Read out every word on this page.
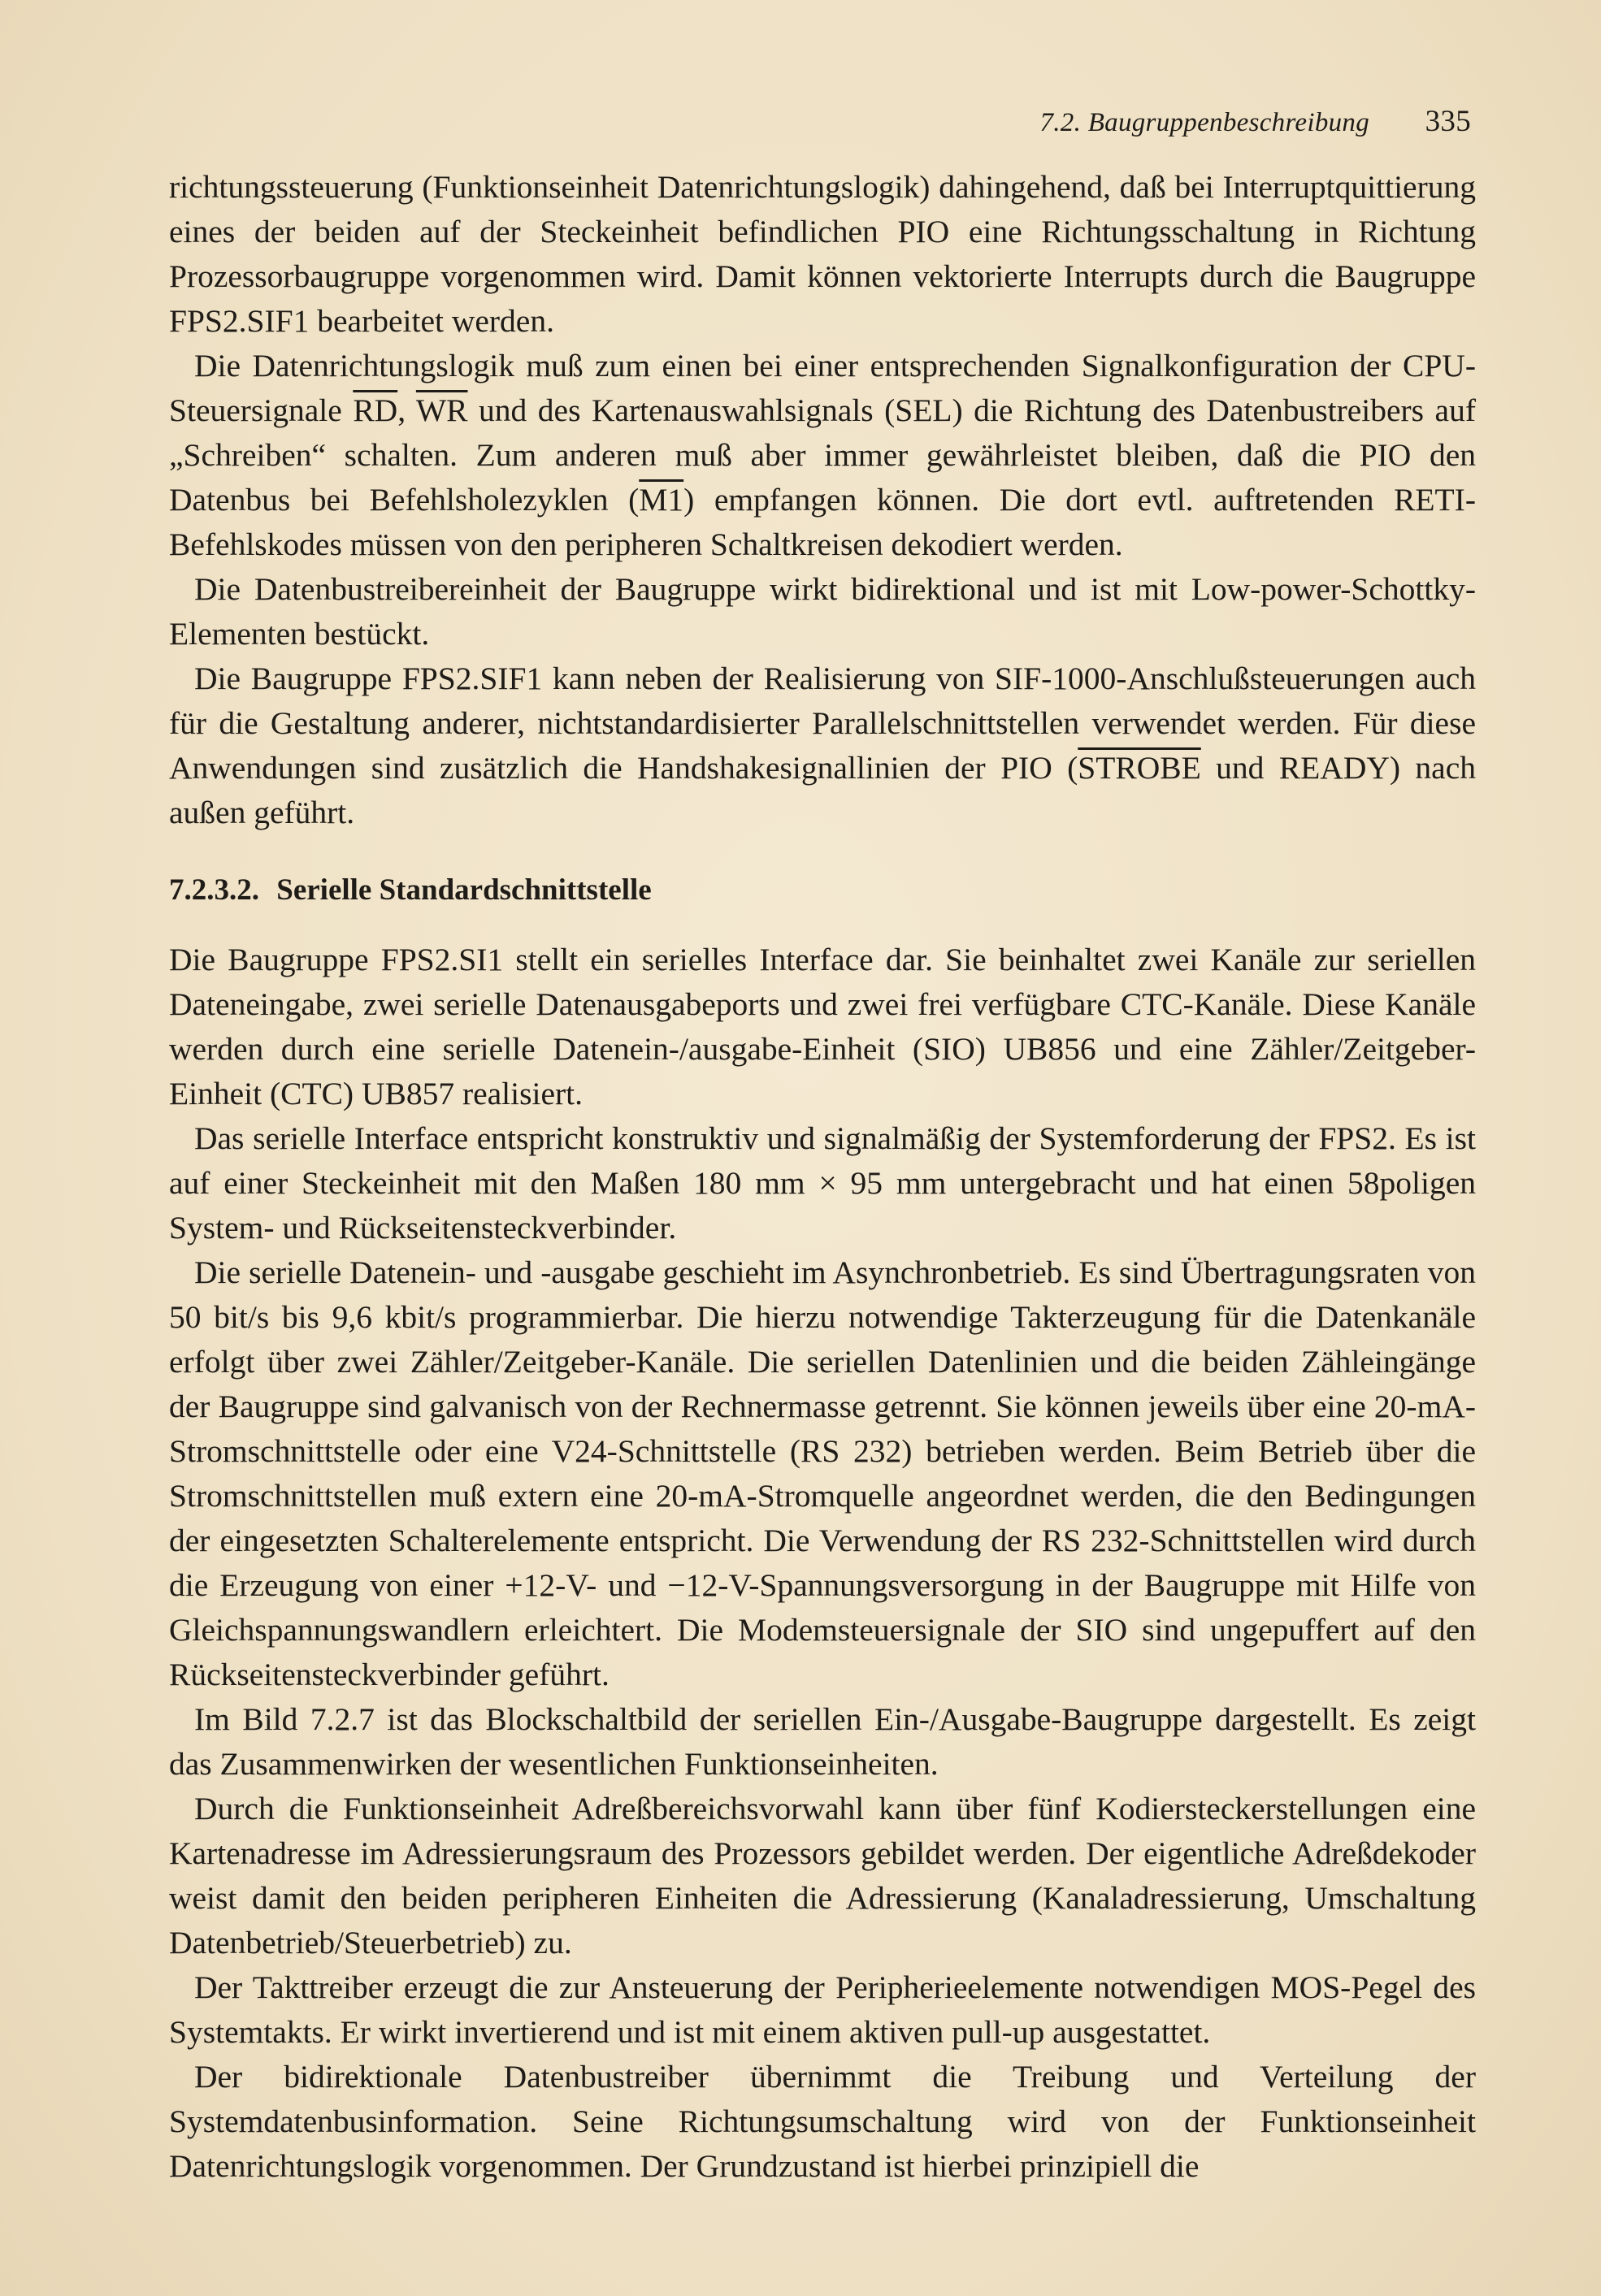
7.2. Baugruppenbeschreibung 335

richtungssteuerung (Funktionseinheit Datenrichtungslogik) dahingehend, daß bei Interruptquittierung eines der beiden auf der Steckeinheit befindlichen PIO eine Richtungsschaltung in Richtung Prozessorbaugruppe vorgenommen wird. Damit können vektorierte Interrupts durch die Baugruppe FPS2.SIF1 bearbeitet werden.

Die Datenrichtungslogik muß zum einen bei einer entsprechenden Signalkonfiguration der CPU-Steuersignale $\overline{RD}$, $\overline{WR}$ und des Kartenauswahlsignals (SEL) die Richtung des Datenbustreibers auf „Schreiben“ schalten. Zum anderen muß aber immer gewährleistet bleiben, daß die PIO den Datenbus bei Befehlsholezyklen (M1) empfangen können. Die dort evtl. auftretenden RETI-Befehlskodes müssen von den peripheren Schaltkreisen dekodiert werden.

Die Datenbustreibereinheit der Baugruppe wirkt bidirektional und ist mit Low-power-Schottky-Elementen bestückt.

Die Baugruppe FPS2.SIF1 kann neben der Realisierung von SIF-1000-Anschlußsteuerungen auch für die Gestaltung anderer, nichtstandardisierter Parallelschnittstellen verwendet werden. Für diese Anwendungen sind zusätzlich die Handshakesignallinien der PIO (STROBE und READY) nach außen geführt.

7.2.3.2. Serielle Standardschnittstelle

Die Baugruppe FPS2.SI1 stellt ein serielles Interface dar. Sie beinhaltet zwei Kanäle zur seriellen Dateneingabe, zwei serielle Datenausgabeports und zwei frei verfügbare CTC-Kanäle. Diese Kanäle werden durch eine serielle Datenein-/ausgabe-Einheit (SIO) UB856 und eine Zähler/Zeitgeber-Einheit (CTC) UB857 realisiert.

Das serielle Interface entspricht konstruktiv und signalmäßig der Systemforderung der FPS2. Es ist auf einer Steckeinheit mit den Maßen 180 mm × 95 mm untergebracht und hat einen 58poligen System- und Rückseitensteckverbinder.

Die serielle Datenein- und -ausgabe geschieht im Asynchronbetrieb. Es sind Übertragungsraten von 50 bit/s bis 9,6 kbit/s programmierbar. Die hierzu notwendige Takterzeugung für die Datenkanäle erfolgt über zwei Zähler/Zeitgeber-Kanäle. Die seriellen Datenlinien und die beiden Zähleingänge der Baugruppe sind galvanisch von der Rechnermasse getrennt. Sie können jeweils über eine 20-mA-Stromschnittstelle oder eine V24-Schnittstelle (RS 232) betrieben werden. Beim Betrieb über die Stromschnittstellen muß extern eine 20-mA-Stromquelle angeordnet werden, die den Bedingungen der eingesetzten Schalterelemente entspricht. Die Verwendung der RS 232-Schnittstellen wird durch die Erzeugung von einer +12-V- und −12-V-Spannungsversorgung in der Baugruppe mit Hilfe von Gleichspannungswandlern erleichtert. Die Modemsteuersignale der SIO sind ungepuffert auf den Rückseitensteckverbinder geführt.

Im Bild 7.2.7 ist das Blockschaltbild der seriellen Ein-/Ausgabe-Baugruppe dargestellt. Es zeigt das Zusammenwirken der wesentlichen Funktionseinheiten.

Durch die Funktionseinheit Adreßbereichsvorwahl kann über fünf Kodiersteckerstellungen eine Kartenadresse im Adressierungsraum des Prozessors gebildet werden. Der eigentliche Adreßdekoder weist damit den beiden peripheren Einheiten die Adressierung (Kanaladressierung, Umschaltung Datenbetrieb/Steuerbetrieb) zu.

Der Takttreiber erzeugt die zur Ansteuerung der Peripherieelemente notwendigen MOS-Pegel des Systemtakts. Er wirkt invertierend und ist mit einem aktiven pull-up ausgestattet.

Der bidirektionale Datenbustreiber übernimmt die Treibung und Verteilung der Systemdatenbusinformation. Seine Richtungsumschaltung wird von der Funktionseinheit Datenrichtungslogik vorgenommen. Der Grundzustand ist hierbei prinzipiell die
